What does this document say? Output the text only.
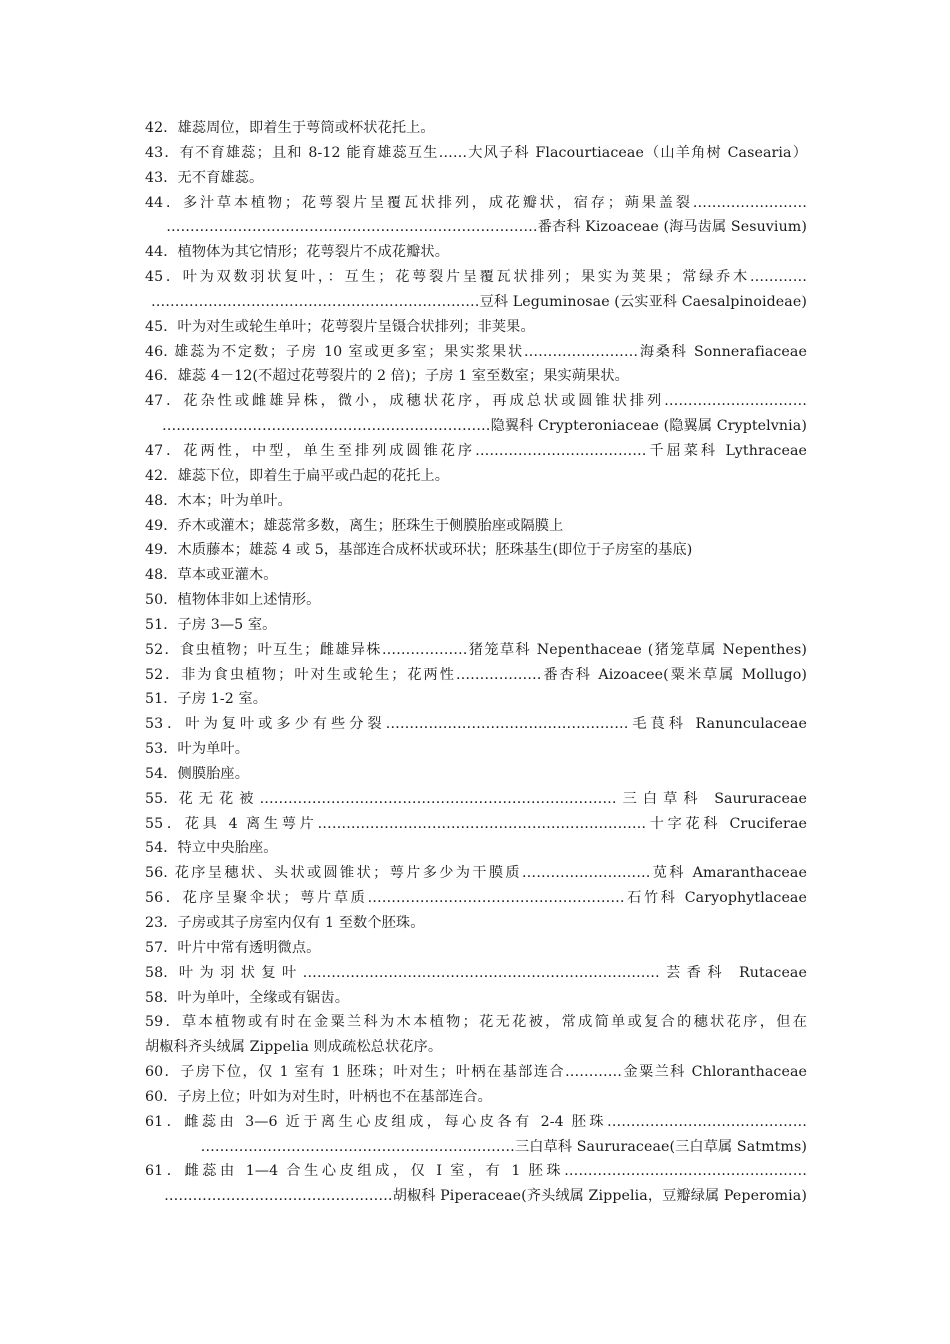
42．雄蕊周位，即着生于萼筒或杯状花托上。
43．有不育雄蕊；且和 8-12 能育雄蕊互生……大风子科 Flacourtiaceae（山羊角树 Casearia）
43．无不育雄蕊。
44．多汁草本植物；花萼裂片呈覆瓦状排列，成花瓣状，宿存；蒴果盖裂……………………
……………………………………………………………………番杏科 Kizoaceae (海马齿属 Sesuvium)
44．植物体为其它情形；花萼裂片不成花瓣状。
45．叶为双数羽状复叶，：互生；花萼裂片呈覆瓦状排列；果实为荚果；常绿乔木…………
……………………………………………………………豆科 Leguminosae (云实亚科 Caesalpinoideae)
45．叶为对生或轮生单叶；花萼裂片呈镊合状排列；非荚果。
46. 雄蕊为不定数；子房 10 室或更多室；果实浆果状……………………海桑科 Sonnerafiaceae
46．雄蕊 4－12(不超过花萼裂片的 2 倍)；子房 1 室至数室；果实蒴果状。
47．花杂性或雌雄异株，微小，成穗状花序，再成总状或圆锥状排列…………………………
……………………………………………………………隐翼科 Crypteroniaceae (隐翼属 Cryptelvnia)
47．花两性，中型，单生至排列成圆锥花序………………………………千屈菜科 Lythraceae
42．雄蕊下位，即着生于扁平或凸起的花托上。
48．木本；叶为单叶。
49．乔木或灌木；雄蕊常多数，离生；胚珠生于侧膜胎座或隔膜上
49．木质藤本；雄蕊 4 或 5，基部连合成杯状或环状；胚珠基生(即位于子房室的基底)
48．草本或亚灌木。
50．植物体非如上述情形。
51．子房 3—5 室。
52．食虫植物；叶互生；雌雄异株………………猪笼草科 Nepenthaceae (猪笼草属 Nepenthes)
52．非为食虫植物；叶对生或轮生；花两性………………番杏科 Aizoacee(粟米草属 Mollugo)
51．子房 1-2 室。
53．叶为复叶或多少有些分裂……………………………………………毛茛科 Ranunculaceae
53．叶为单叶。
54．侧膜胎座。
55. 花无花被…………………………………………………………………三白草科 Saururaceae
55．花具 4 离生萼片……………………………………………………………十字花科 Cruciferae
54．特立中央胎座。
56. 花序呈穗状、头状或圆锥状；萼片多少为干膜质………………………苋科 Amaranthaceae
56．花序呈聚伞状；萼片草质………………………………………………石竹科 Caryophytlaceae
23．子房或其子房室内仅有 1 至数个胚珠。
57．叶片中常有透明微点。
58. 叶为羽状复叶…………………………………………………………………芸香科 Rutaceae
58．叶为单叶，全缘或有锯齿。
59．草本植物或有时在金粟兰科为木本植物；花无花被，常成简单或复合的穗状花序，但在
胡椒科齐头绒属 Zippelia 则成疏松总状花序。
60．子房下位，仅 1 室有 1 胚珠；叶对生；叶柄在基部连合…………金粟兰科 Chloranthaceae
60．子房上位；叶如为对生时，叶柄也不在基部连合。
61．雌蕊由 3—6 近于离生心皮组成，每心皮各有 2-4 胚珠……………………………………
…………………………………………………………三白草科 Saururaceae(三白草属 Satmtms)
61．雌蕊由 1—4 合生心皮组成，仅 I 室，有 1 胚珠……………………………………………
…………………………………………胡椒科 Piperaceae(齐头绒属 Zippelia，豆瓣绿属 Peperomia)
